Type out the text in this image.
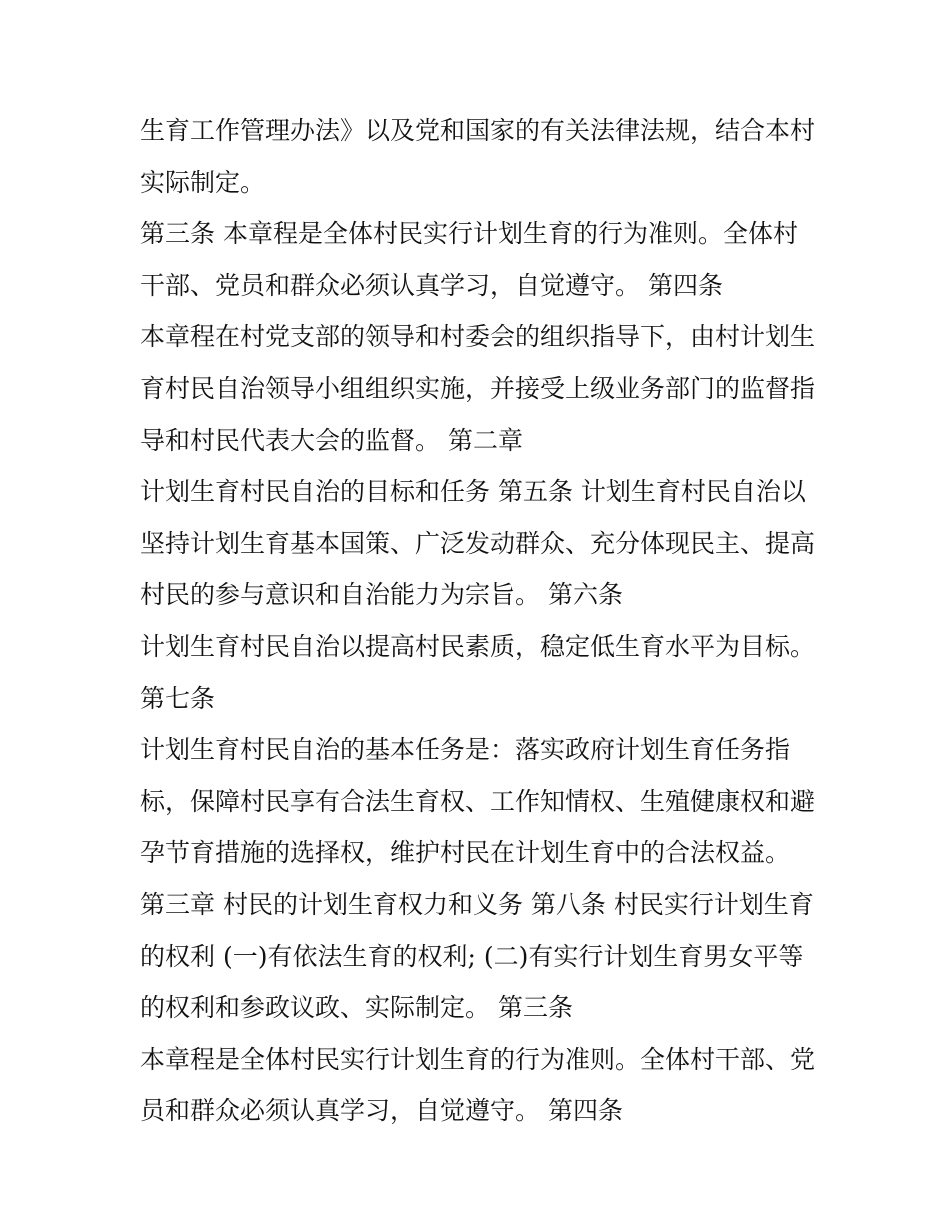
生育工作管理办法》以及党和国家的有关法律法规，结合本村
实际制定。
第三条 本章程是全体村民实行计划生育的行为准则。全体村
干部、党员和群众必须认真学习，自觉遵守。 第四条
本章程在村党支部的领导和村委会的组织指导下，由村计划生
育村民自治领导小组组织实施，并接受上级业务部门的监督指
导和村民代表大会的监督。 第二章
计划生育村民自治的目标和任务 第五条 计划生育村民自治以
坚持计划生育基本国策、广泛发动群众、充分体现民主、提高
村民的参与意识和自治能力为宗旨。 第六条
计划生育村民自治以提高村民素质，稳定低生育水平为目标。
第七条
计划生育村民自治的基本任务是：落实政府计划生育任务指
标，保障村民享有合法生育权、工作知情权、生殖健康权和避
孕节育措施的选择权，维护村民在计划生育中的合法权益。
第三章 村民的计划生育权力和义务 第八条 村民实行计划生育
的权利 (一)有依法生育的权利; (二)有实行计划生育男女平等
的权利和参政议政、实际制定。 第三条
本章程是全体村民实行计划生育的行为准则。全体村干部、党
员和群众必须认真学习，自觉遵守。 第四条
